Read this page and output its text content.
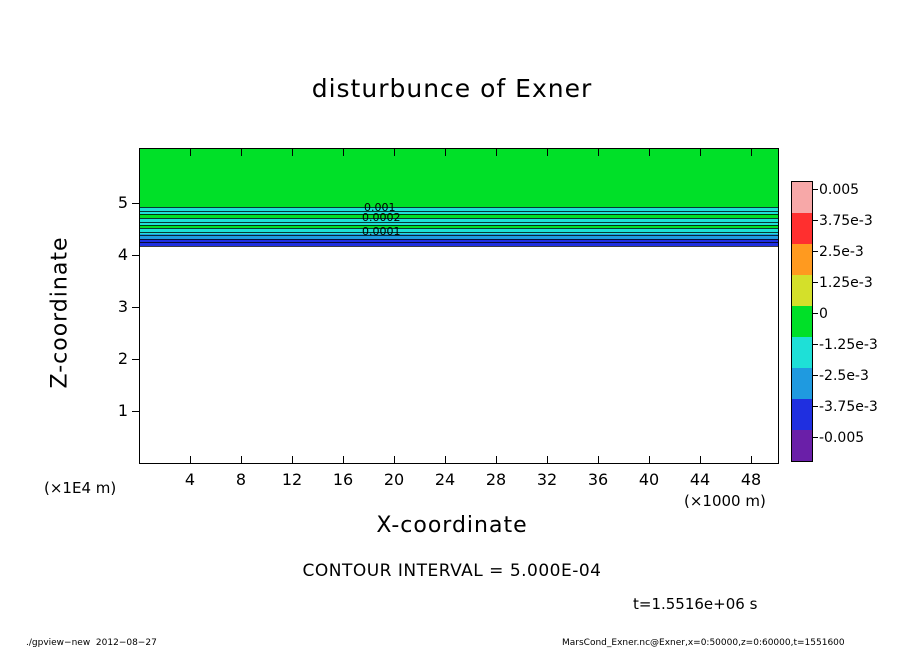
disturbunce of Exner
0.001
0.0002
0.0001
4	8	12	16	20	24	28	32	36	40	44	48
1
2
3
4
5
X-coordinate
Z-coordinate
(×1E4 m)
(×1000 m)
0.005
3.75e-3
2.5e-3
1.25e-3
0
-1.25e-3
-2.5e-3
-3.75e-3
-0.005
CONTOUR INTERVAL = 5.000E-04
t=1.5516e+06 s
./gpview−new  2012−08−27	MarsCond_Exner.nc@Exner,x=0:50000,z=0:60000,t=1551600
